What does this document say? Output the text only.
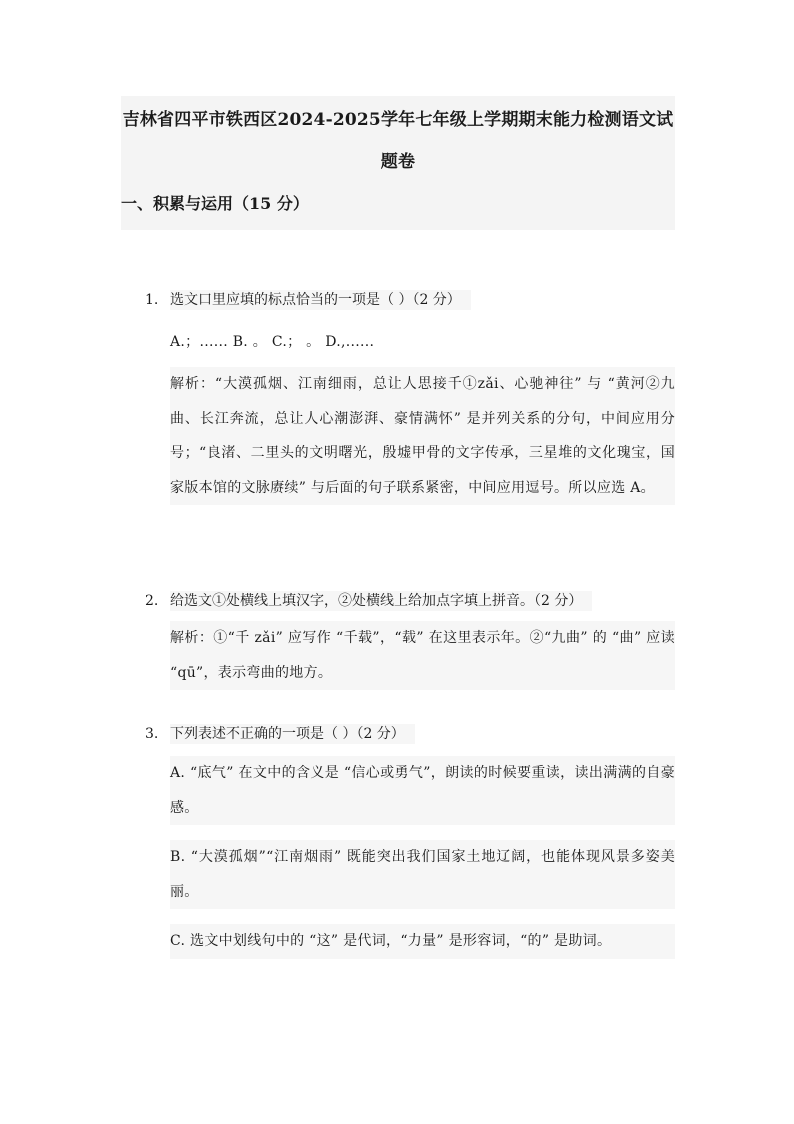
吉林省四平市铁西区2024-2025学年七年级上学期期末能力检测语文试
题卷
一、积累与运用（15 分）
1. 选文口里应填的标点恰当的一项是（ ）（2 分）
A.；...... B. 。 C.； 。 D.,......
解析：“大漠孤烟、江南细雨，总让人思接千①zǎi、心驰神往” 与 “黄河②九曲、长江奔流，总让人心潮澎湃、豪情满怀” 是并列关系的分句，中间应用分号；“良渚、二里头的文明曙光，殷墟甲骨的文字传承，三星堆的文化瑰宝，国家版本馆的文脉赓续” 与后面的句子联系紧密，中间应用逗号。所以应选 A。
2. 给选文①处横线上填汉字，②处横线上给加点字填上拼音。（2 分）
解析：①“千 zǎi” 应写作 “千载”，“载” 在这里表示年。②“九曲” 的 “曲” 应读 “qū”，表示弯曲的地方。
3. 下列表述不正确的一项是（ ）（2 分）
A. “底气” 在文中的含义是 “信心或勇气”，朗读的时候要重读，读出满满的自豪感。
B. “大漠孤烟”“江南烟雨” 既能突出我们国家土地辽阔，也能体现风景多姿美丽。
C. 选文中划线句中的 “这” 是代词，“力量” 是形容词，“的” 是助词。
